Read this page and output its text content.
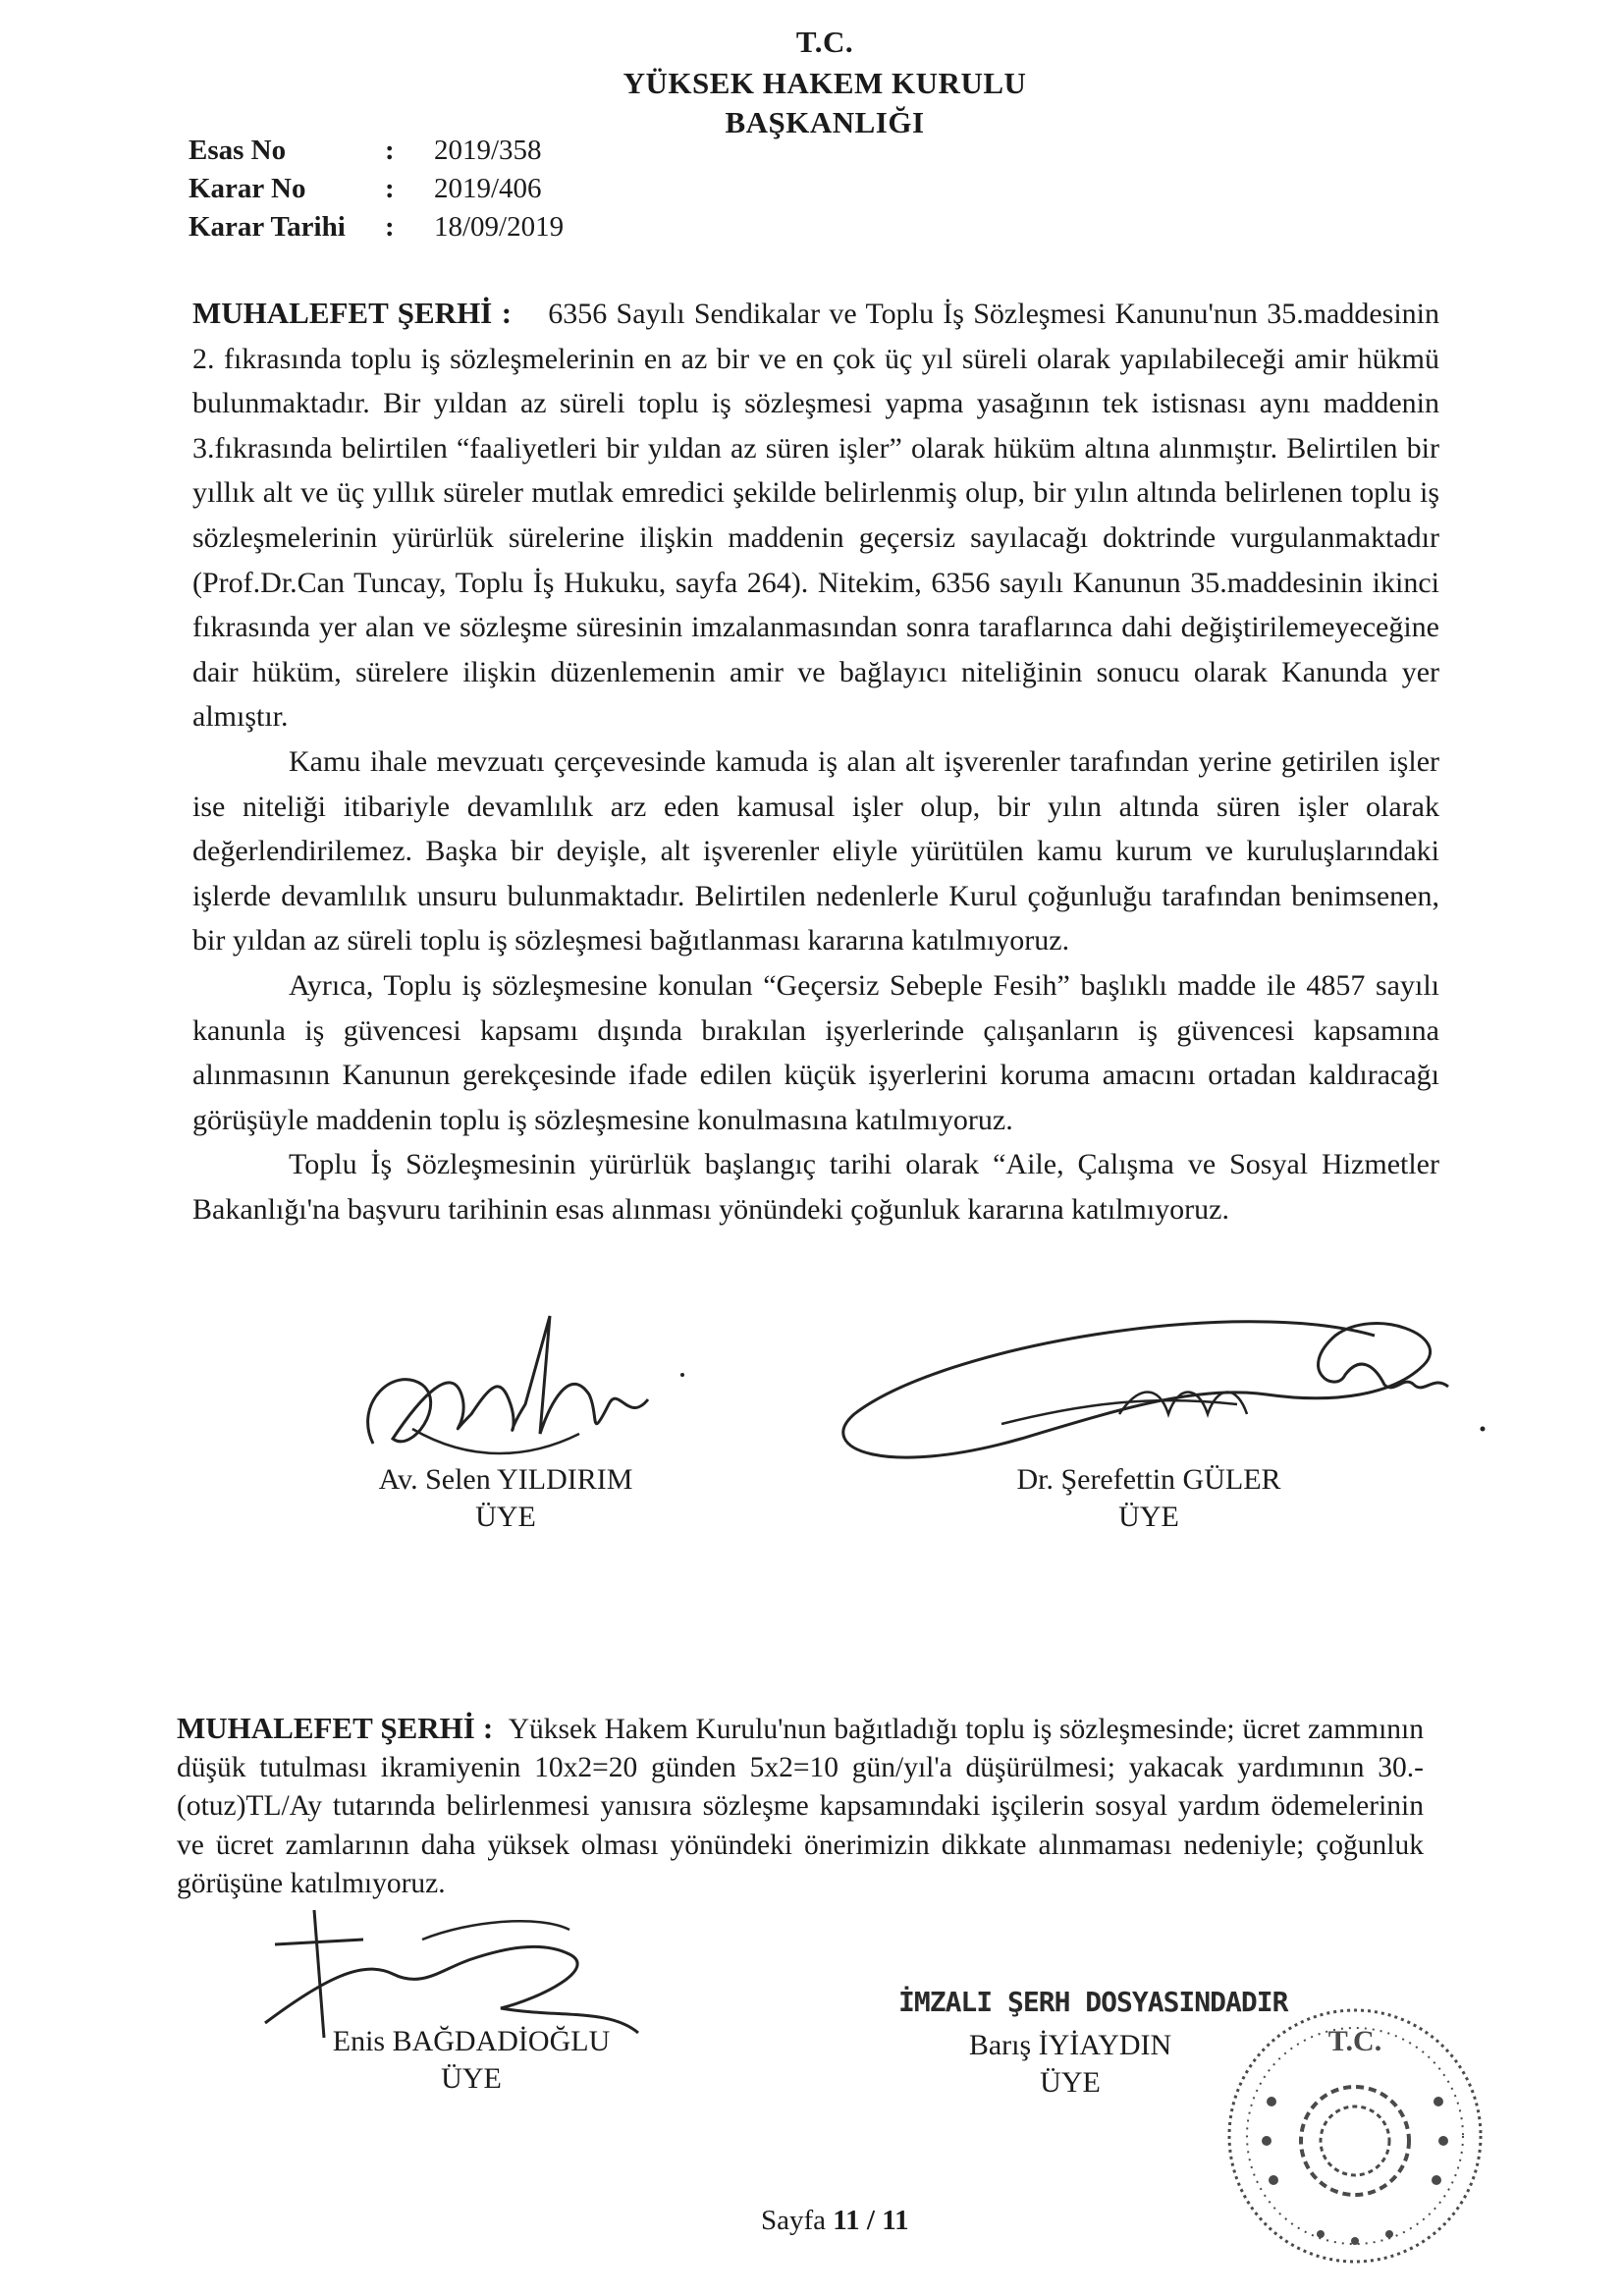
T.C.
YÜKSEK HAKEM KURULU
BAŞKANLIĞI
Esas No	: 2019/358
Karar No	: 2019/406
Karar Tarihi : 18/09/2019

MUHALEFET ŞERHİ : 6356 Sayılı Sendikalar ve Toplu İş Sözleşmesi Kanunu'nun 35.maddesinin 2. fıkrasında toplu iş sözleşmelerinin en az bir ve en çok üç yıl süreli olarak yapılabileceği amir hükmü bulunmaktadır. Bir yıldan az süreli toplu iş sözleşmesi yapma yasağının tek istisnası aynı maddenin 3.fıkrasında belirtilen “faaliyetleri bir yıldan az süren işler” olarak hüküm altına alınmıştır. Belirtilen bir yıllık alt ve üç yıllık süreler mutlak emredici şekilde belirlenmiş olup, bir yılın altında belirlenen toplu iş sözleşmelerinin yürürlük sürelerine ilişkin maddenin geçersiz sayılacağı doktrinde vurgulanmaktadır (Prof.Dr.Can Tuncay, Toplu İş Hukuku, sayfa 264). Nitekim, 6356 sayılı Kanunun 35.maddesinin ikinci fıkrasında yer alan ve sözleşme süresinin imzalanmasından sonra taraflarınca dahi değiştirilemeyeceğine dair hüküm, sürelere ilişkin düzenlemenin amir ve bağlayıcı niteliğinin sonucu olarak Kanunda yer almıştır.

Kamu ihale mevzuatı çerçevesinde kamuda iş alan alt işverenler tarafından yerine getirilen işler ise niteliği itibariyle devamlılık arz eden kamusal işler olup, bir yılın altında süren işler olarak değerlendirilemez. Başka bir deyişle, alt işverenler eliyle yürütülen kamu kurum ve kuruluşlarındaki işlerde devamlılık unsuru bulunmaktadır. Belirtilen nedenlerle Kurul çoğunluğu tarafından benimsenen, bir yıldan az süreli toplu iş sözleşmesi bağıtlanması kararına katılmıyoruz.

Ayrıca, Toplu iş sözleşmesine konulan “Geçersiz Sebeple Fesih” başlıklı madde ile 4857 sayılı kanunla iş güvencesi kapsamı dışında bırakılan işyerlerinde çalışanların iş güvencesi kapsamına alınmasının Kanunun gerekçesinde ifade edilen küçük işyerlerini koruma amacını ortadan kaldıracağı görüşüyle maddenin toplu iş sözleşmesine konulmasına katılmıyoruz.

Toplu İş Sözleşmesinin yürürlük başlangıç tarihi olarak “Aile, Çalışma ve Sosyal Hizmetler Bakanlığı'na başvuru tarihinin esas alınması yönündeki çoğunluk kararına katılmıyoruz.

Av. Selen YILDIRIM
ÜYE
Dr. Şerefettin GÜLER
ÜYE

MUHALEFET ŞERHİ : Yüksek Hakem Kurulu'nun bağıtladığı toplu iş sözleşmesinde; ücret zammının düşük tutulması ikramiyenin 10x2=20 günden 5x2=10 gün/yıl'a düşürülmesi; yakacak yardımının 30.-(otuz)TL/Ay tutarında belirlenmesi yanısıra sözleşme kapsamındaki işçilerin sosyal yardım ödemelerinin ve ücret zamlarının daha yüksek olması yönündeki önerimizin dikkate alınmaması nedeniyle; çoğunluk görüşüne katılmıyoruz.

İMZALI ŞERH DOSYASINDADIR
Enis BAĞDADİOĞLU
ÜYE
Barış İYİAYDIN
ÜYE
T.C.
Sayfa 11 / 11
